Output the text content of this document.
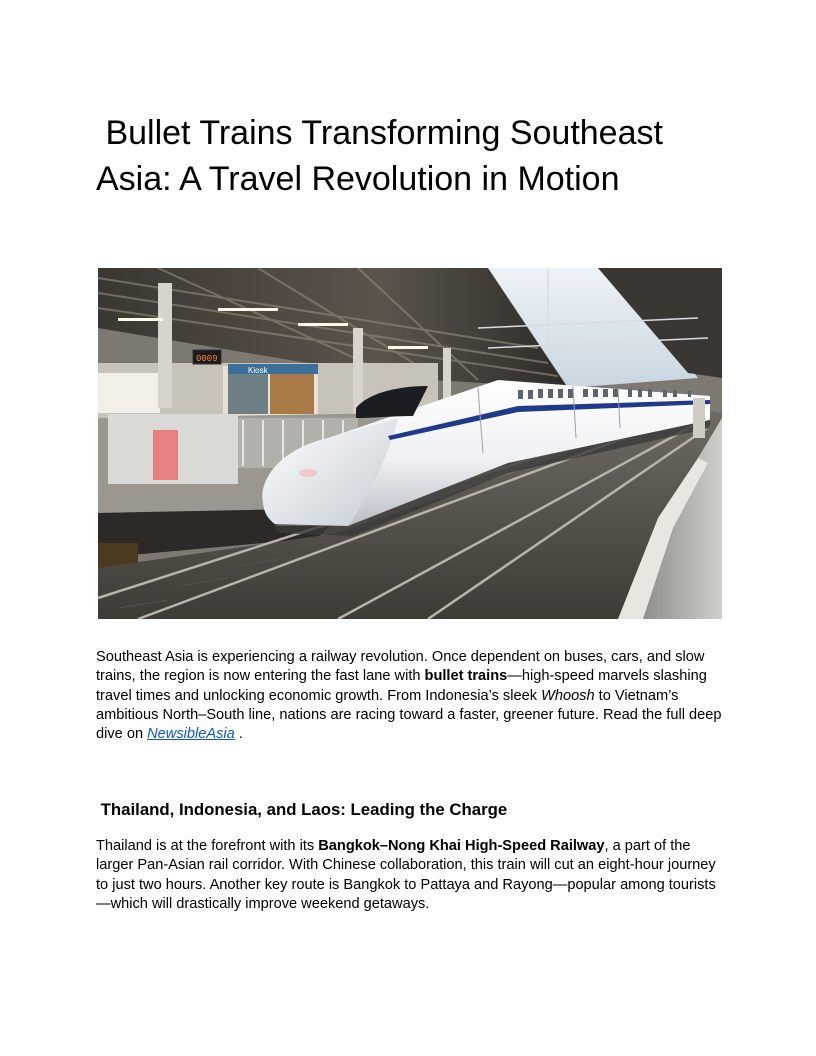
Bullet Trains Transforming Southeast Asia: A Travel Revolution in Motion
Kiosk
0009

Southeast Asia is experiencing a railway revolution. Once dependent on buses, cars, and slow trains, the region is now entering the fast lane with bullet trains—high-speed marvels slashing travel times and unlocking economic growth. From Indonesia’s sleek Whoosh to Vietnam’s ambitious North–South line, nations are racing toward a faster, greener future. Read the full deep dive on NewsibleAsia .

Thailand, Indonesia, and Laos: Leading the Charge

Thailand is at the forefront with its Bangkok–Nong Khai High-Speed Railway, a part of the larger Pan-Asian rail corridor. With Chinese collaboration, this train will cut an eight-hour journey to just two hours. Another key route is Bangkok to Pattaya and Rayong—popular among tourists—which will drastically improve weekend getaways.
